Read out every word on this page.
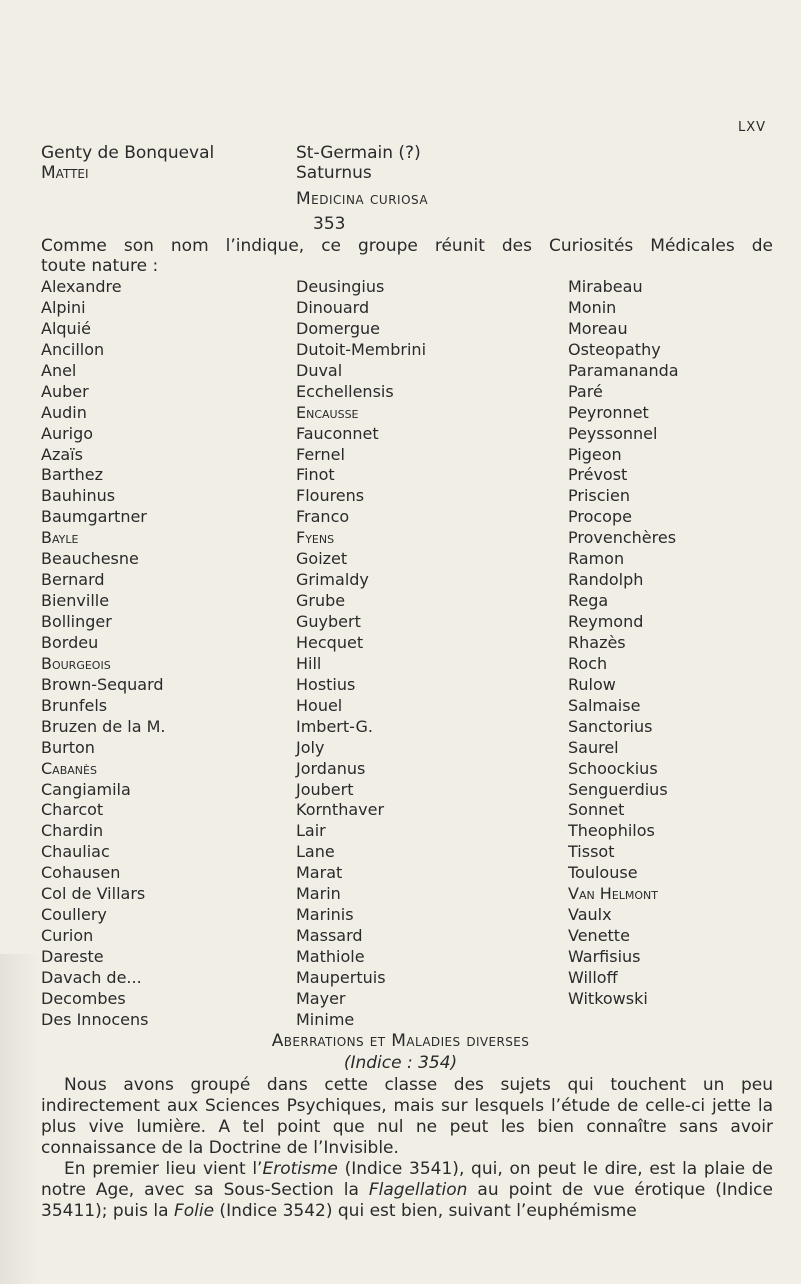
LXV
Genty de Bonqueval
Mattei
St-Germain (?)
Saturnus
Medicina curiosa
353
Comme son nom l’indique, ce groupe réunit des Curiosités Médicales de
toute nature :
Alexandre
Alpini
Alquié
Ancillon
Anel
Auber
Audin
Aurigo
Azaïs
Barthez
Bauhinus
Baumgartner
Bayle
Beauchesne
Bernard
Bienville
Bollinger
Bordeu
Bourgeois
Brown-Sequard
Brunfels
Bruzen de la M.
Burton
Cabanès
Cangiamila
Charcot
Chardin
Chauliac
Cohausen
Col de Villars
Coullery
Curion
Dareste
Davach de...
Decombes
Des Innocens
Deusingius
Dinouard
Domergue
Dutoit-Membrini
Duval
Ecchellensis
Encausse
Fauconnet
Fernel
Finot
Flourens
Franco
Fyens
Goizet
Grimaldy
Grube
Guybert
Hecquet
Hill
Hostius
Houel
Imbert-G.
Joly
Jordanus
Joubert
Kornthaver
Lair
Lane
Marat
Marin
Marinis
Massard
Mathiole
Maupertuis
Mayer
Minime
Mirabeau
Monin
Moreau
Osteopathy
Paramananda
Paré
Peyronnet
Peyssonnel
Pigeon
Prévost
Priscien
Procope
Provenchères
Ramon
Randolph
Rega
Reymond
Rhazès
Roch
Rulow
Salmaise
Sanctorius
Saurel
Schoockius
Senguerdius
Sonnet
Theophilos
Tissot
Toulouse
Van Helmont
Vaulx
Venette
Warfisius
Willoff
Witkowski
Aberrations et Maladies diverses
(Indice : 354)

Nous avons groupé dans cette classe des sujets qui touchent un peu indirectement aux Sciences Psychiques, mais sur lesquels l’étude de celle-ci jette la plus vive lumière. A tel point que nul ne peut les bien connaître sans avoir connaissance de la Doctrine de l’Invisible.

En premier lieu vient l’Erotisme (Indice 3541), qui, on peut le dire, est la plaie de notre Age, avec sa Sous-Section la Flagellation au point de vue érotique (Indice 35411); puis la Folie (Indice 3542) qui est bien, suivant l’euphémisme
